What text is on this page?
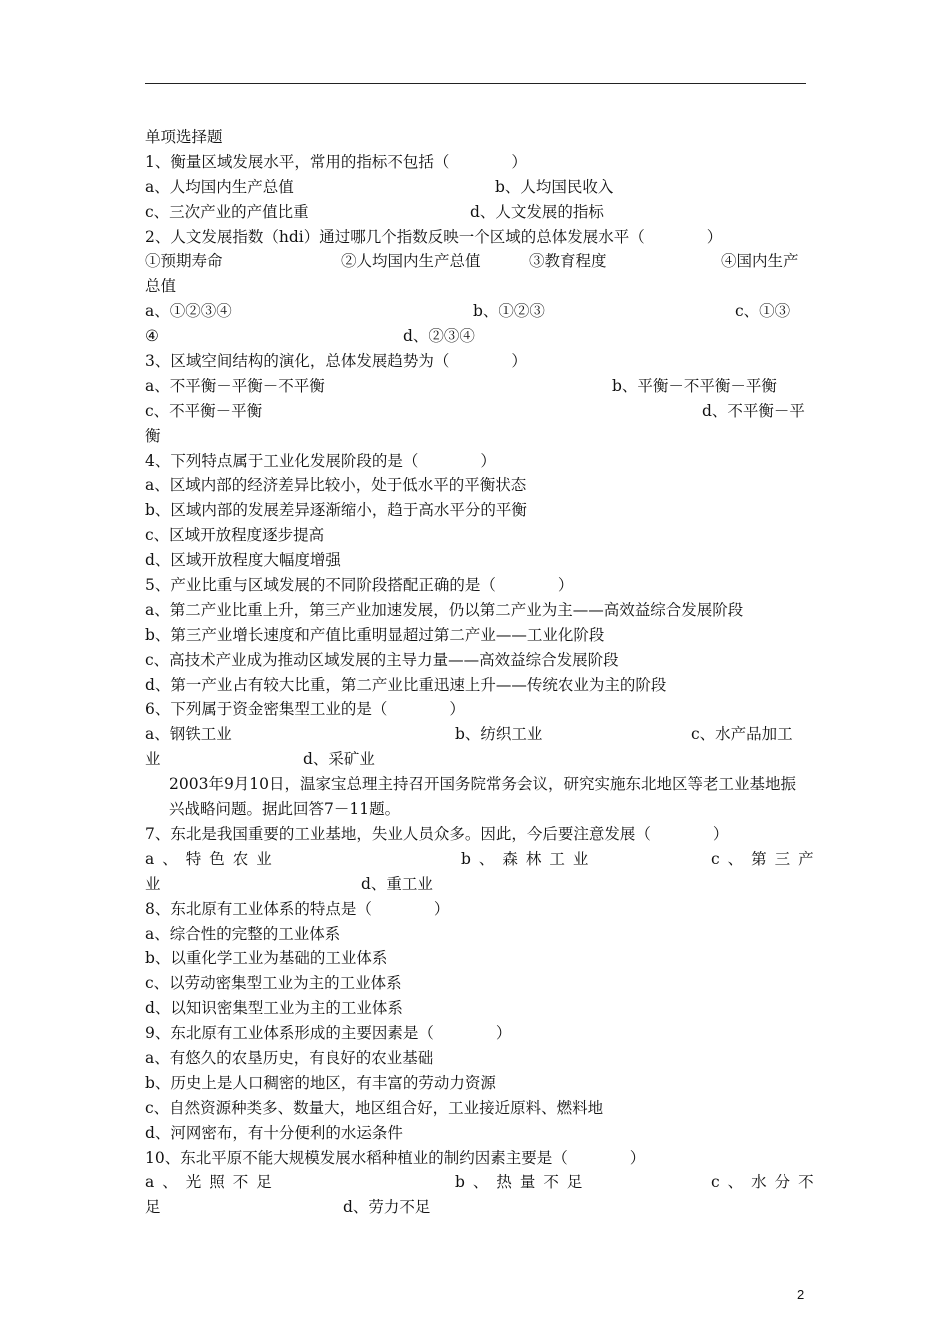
单项选择题
1、衡量区域发展水平，常用的指标不包括（　　　　）

a、人均国内生产总值

	b、人均国民收入

c、三次产业的产值比重

	d、人文发展的指标

2、人文发展指数（hdi）通过哪几个指数反映一个区域的总体发展水平（　　　　）

①预期寿命

	②人均国内生产总值

	③教育程度

	④国内生产

总值

a、①②③④

	b、①②③

	c、①③

④

	d、②③④

3、区域空间结构的演化，总体发展趋势为（　　　　）

a、不平衡－平衡－不平衡

	b、平衡－不平衡－平衡

c、不平衡－平衡

	d、不平衡－平

衡
4、下列特点属于工业化发展阶段的是（　　　　）
a、区域内部的经济差异比较小，处于低水平的平衡状态
b、区域内部的发展差异逐渐缩小，趋于高水平分的平衡
c、区域开放程度逐步提高
d、区域开放程度大幅度增强
5、产业比重与区域发展的不同阶段搭配正确的是（　　　　）
a、第二产业比重上升，第三产业加速发展，仍以第二产业为主——高效益综合发展阶段
b、第三产业增长速度和产值比重明显超过第二产业——工业化阶段
c、高技术产业成为推动区域发展的主导力量——高效益综合发展阶段
d、第一产业占有较大比重，第二产业比重迅速上升——传统农业为主的阶段
6、下列属于资金密集型工业的是（　　　　）

a、钢铁工业

	b、纺织工业

	c、水产品加工

业

	d、采矿业

2003年9月10日，温家宝总理主持召开国务院常务会议，研究实施东北地区等老工业基地振兴战略问题。据此回答7－11题。
7、东北是我国重要的工业基地，失业人员众多。因此，今后要注意发展（　　　　）

a、特色农业

	b、森林工业

	c、第三产

业

	d、重工业

8、东北原有工业体系的特点是（　　　　）
a、综合性的完整的工业体系
b、以重化学工业为基础的工业体系
c、以劳动密集型工业为主的工业体系
d、以知识密集型工业为主的工业体系
9、东北原有工业体系形成的主要因素是（　　　　）
a、有悠久的农垦历史，有良好的农业基础
b、历史上是人口稠密的地区，有丰富的劳动力资源
c、自然资源种类多、数量大，地区组合好，工业接近原料、燃料地
d、河网密布，有十分便利的水运条件
10、东北平原不能大规模发展水稻种植业的制约因素主要是（　　　　）

a、光照不足

	b、热量不足

	c、水分不

足

	d、劳力不足

2
